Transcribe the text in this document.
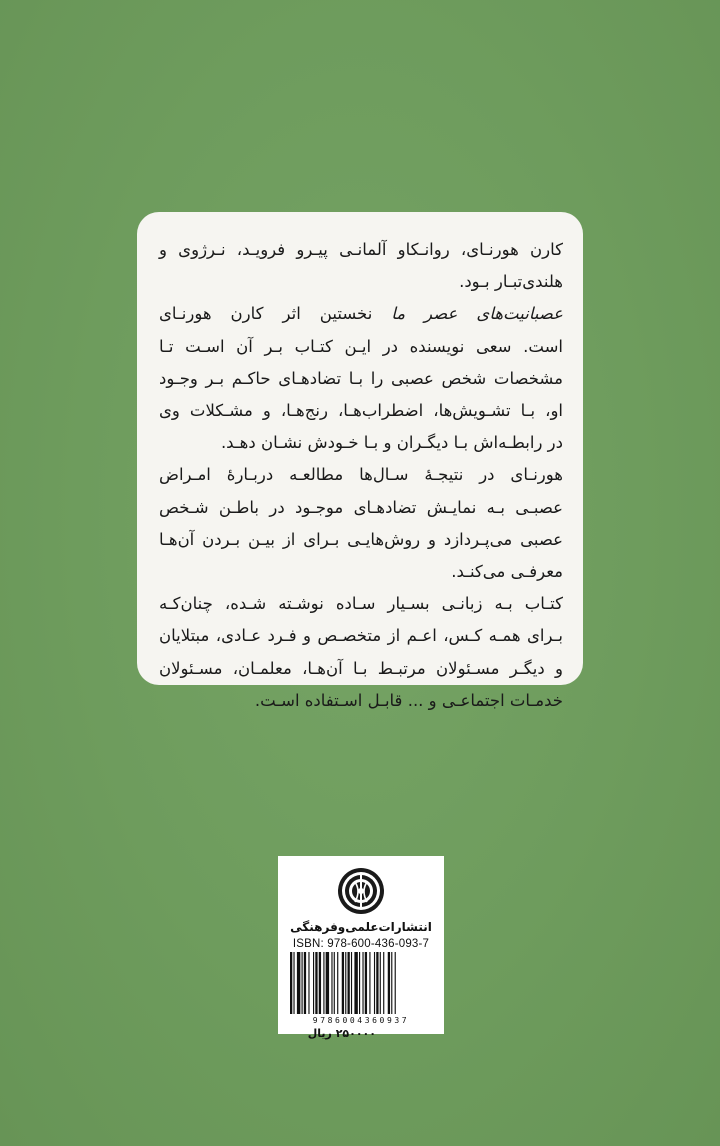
کارن هورنـای، روانـکاو آلمانـی پیـرو فرویـد، نـرژوی و
هلندی‌تبـار بـود.
عصبانیت‌های عصر ما نخستین اثر کارن هورنـای
است. سعی نویسنده در ایـن کتـاب بـر آن اسـت تـا
مشخصات شخص عصبی را بـا تضادهـای حاکـم بـر وجـود
او، بـا تشـویش‌ها، اضطراب‌هـا، رنج‌هـا، و مشـکلات وی
در رابطـه‌اش بـا دیگـران و بـا خـودش نشـان دهـد.
هورنـای در نتیجـۀ سـال‌ها مطالعـه دربـارۀ امـراض
عصبـی بـه نمایـش تضادهـای موجـود در باطـن شـخص
عصبی می‌پـردازد و روش‌هایـی بـرای از بیـن بـردن آن‌هـا
معرفـی می‌کنـد.
کتـاب بـه زبانـی بسـیار سـاده نوشـته شـده، چنان‌کـه
بـرای همـه کـس، اعـم از متخصـص و فـرد عـادی، مبتلایان
و دیگـر مسـئولان مرتبـط بـا آن‌هـا، معلمـان، مسـئولان
خدمـات اجتماعـی و ... قابـل اسـتفاده اسـت.
انتشارات‌علمی‌وفرهنگی
ISBN: 978-600-436-093-7
9786004360937
۲۵۰۰۰۰ ریال
